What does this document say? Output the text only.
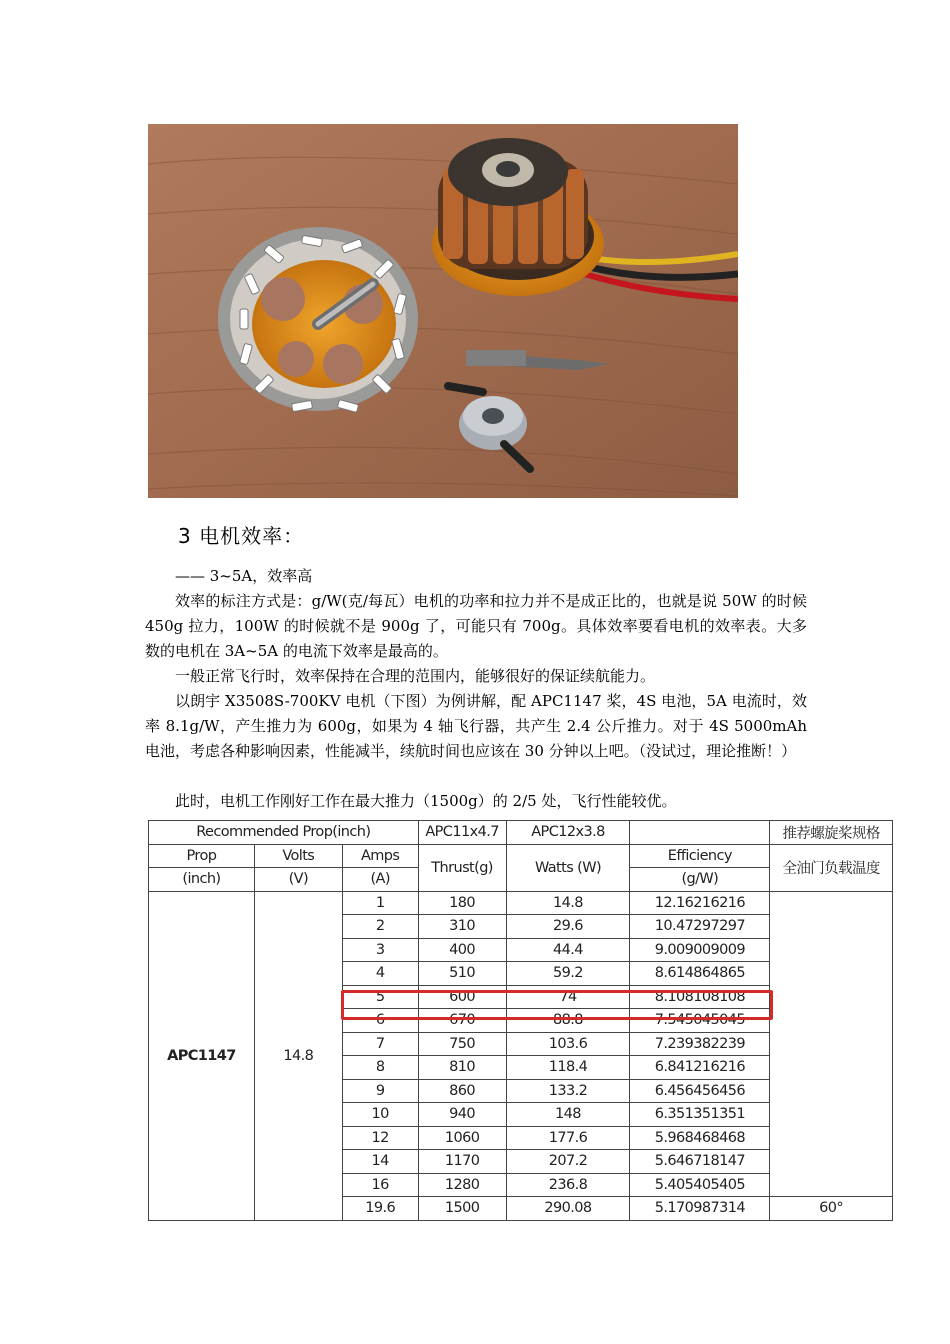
3 电机效率：

—— 3~5A，效率高

效率的标注方式是：g/W(克/每瓦）电机的功率和拉力并不是成正比的，也就是说 50W 的时候 450g 拉力，100W 的时候就不是 900g 了，可能只有 700g。具体效率要看电机的效率表。大多数的电机在 3A~5A 的电流下效率是最高的。

一般正常飞行时，效率保持在合理的范围内，能够很好的保证续航能力。

以朗宇 X3508S-700KV 电机（下图）为例讲解，配 APC1147 桨，4S 电池，5A 电流时，效率 8.1g/W，产生推力为 600g，如果为 4 轴飞行器，共产生 2.4 公斤推力。对于 4S 5000mAh 电池，考虑各种影响因素，性能减半，续航时间也应该在 30 分钟以上吧。（没试过，理论推断！）

此时，电机工作刚好工作在最大推力（1500g）的 2/5 处，飞行性能较优。

Recommended Prop(inch)			APC11x4.7	APC12x3.8		推荐螺旋桨规格
Prop	Volts	Amps	Thrust(g)	Watts (W)	Efficiency	全油门负载温度
(inch)	(V)	(A)			(g/W)	
APC1147	14.8	1	180	14.8	12.16216216	
		2	310	29.6	10.47297297	
		3	400	44.4	9.009009009	
		4	510	59.2	8.614864865	
		5	600	74	8.108108108	
		6	670	88.8	7.545045045	
		7	750	103.6	7.239382239	
		8	810	118.4	6.841216216	
		9	860	133.2	6.456456456	
		10	940	148	6.351351351	
		12	1060	177.6	5.968468468	
		14	1170	207.2	5.646718147	
		16	1280	236.8	5.405405405	
		19.6	1500	290.08	5.170987314	60°
